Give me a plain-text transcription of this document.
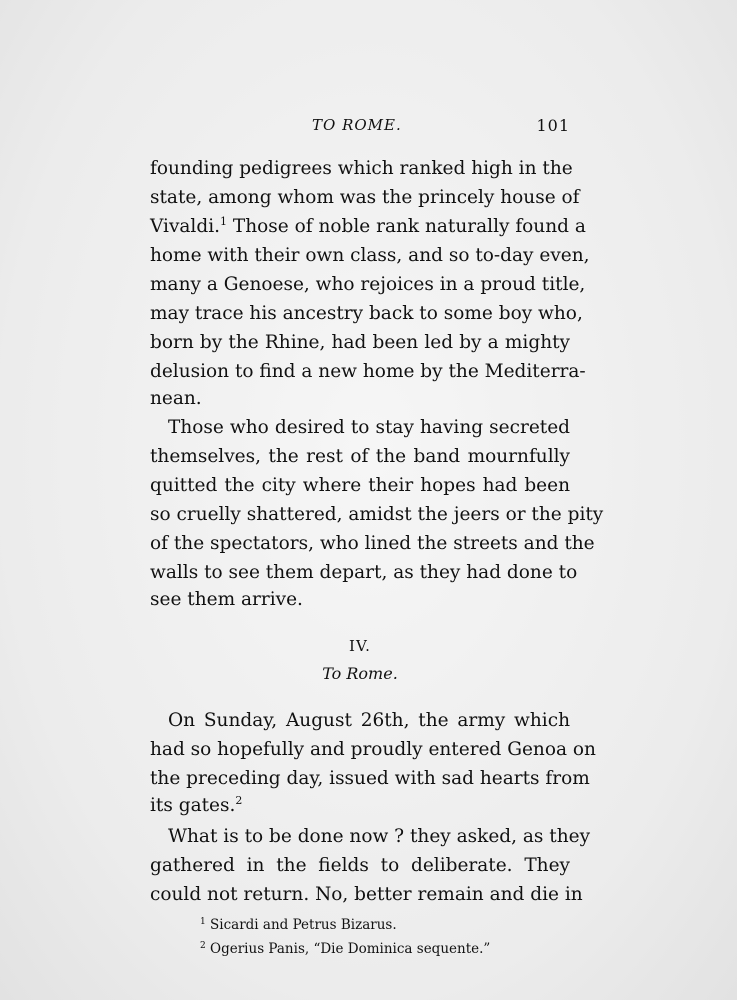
TO ROME.	101
founding pedigrees which ranked high in the
state, among whom was the princely house of
Vivaldi.$^1$ Those of noble rank naturally found a
home with their own class, and so to-day even,
many a Genoese, who rejoices in a proud title,
may trace his ancestry back to some boy who,
born by the Rhine, had been led by a mighty
delusion to find a new home by the Mediterra-
nean.
Those who desired to stay having secreted
themselves, the rest of the band mournfully
quitted the city where their hopes had been
so cruelly shattered, amidst the jeers or the pity
of the spectators, who lined the streets and the
walls to see them depart, as they had done to
see them arrive.
IV.
To Rome.
On Sunday, August 26th, the army which
had so hopefully and proudly entered Genoa on
the preceding day, issued with sad hearts from
its gates.$^2$
What is to be done now ? they asked, as they
gathered in the fields to deliberate. They
could not return. No, better remain and die in
$^1$ Sicardi and Petrus Bizarus.
$^2$ Ogerius Panis, “Die Dominica sequente.”
